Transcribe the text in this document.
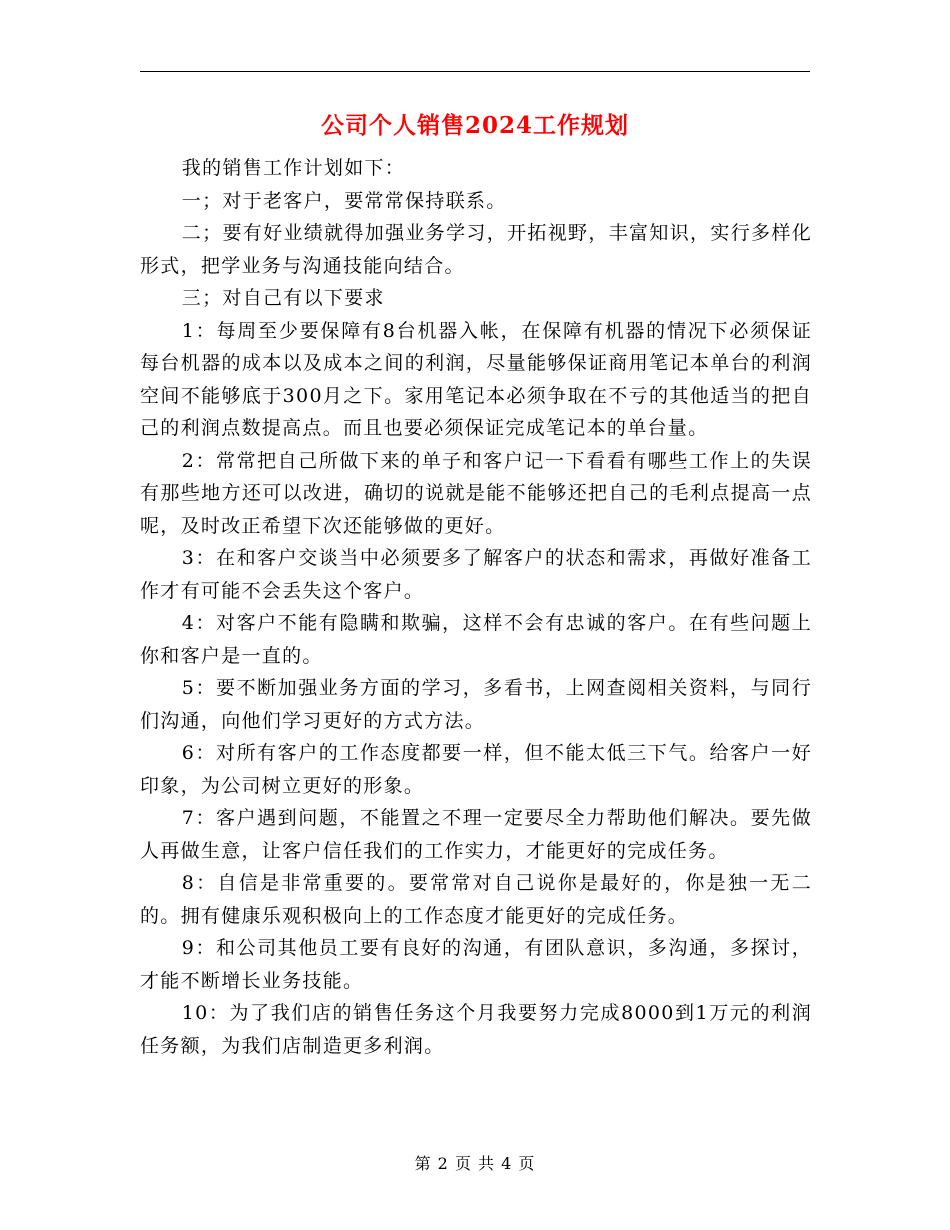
公司个人销售2024工作规划

我的销售工作计划如下：

一；对于老客户，要常常保持联系。

二；要有好业绩就得加强业务学习，开拓视野，丰富知识，实行多样化形式，把学业务与沟通技能向结合。

三；对自己有以下要求

1：每周至少要保障有8台机器入帐，在保障有机器的情况下必须保证每台机器的成本以及成本之间的利润，尽量能够保证商用笔记本单台的利润空间不能够底于300月之下。家用笔记本必须争取在不亏的其他适当的把自己的利润点数提高点。而且也要必须保证完成笔记本的单台量。

2：常常把自己所做下来的单子和客户记一下看看有哪些工作上的失误有那些地方还可以改进，确切的说就是能不能够还把自己的毛利点提高一点呢，及时改正希望下次还能够做的更好。

3：在和客户交谈当中必须要多了解客户的状态和需求，再做好准备工作才有可能不会丢失这个客户。

4：对客户不能有隐瞒和欺骗，这样不会有忠诚的客户。在有些问题上你和客户是一直的。

5：要不断加强业务方面的学习，多看书，上网查阅相关资料，与同行们沟通，向他们学习更好的方式方法。

6：对所有客户的工作态度都要一样，但不能太低三下气。给客户一好印象，为公司树立更好的形象。

7：客户遇到问题，不能置之不理一定要尽全力帮助他们解决。要先做人再做生意，让客户信任我们的工作实力，才能更好的完成任务。

8：自信是非常重要的。要常常对自己说你是最好的，你是独一无二的。拥有健康乐观积极向上的工作态度才能更好的完成任务。

9：和公司其他员工要有良好的沟通，有团队意识，多沟通，多探讨，才能不断增长业务技能。

10：为了我们店的销售任务这个月我要努力完成8000到1万元的利润任务额，为我们店制造更多利润。

第 2 页 共 4 页
